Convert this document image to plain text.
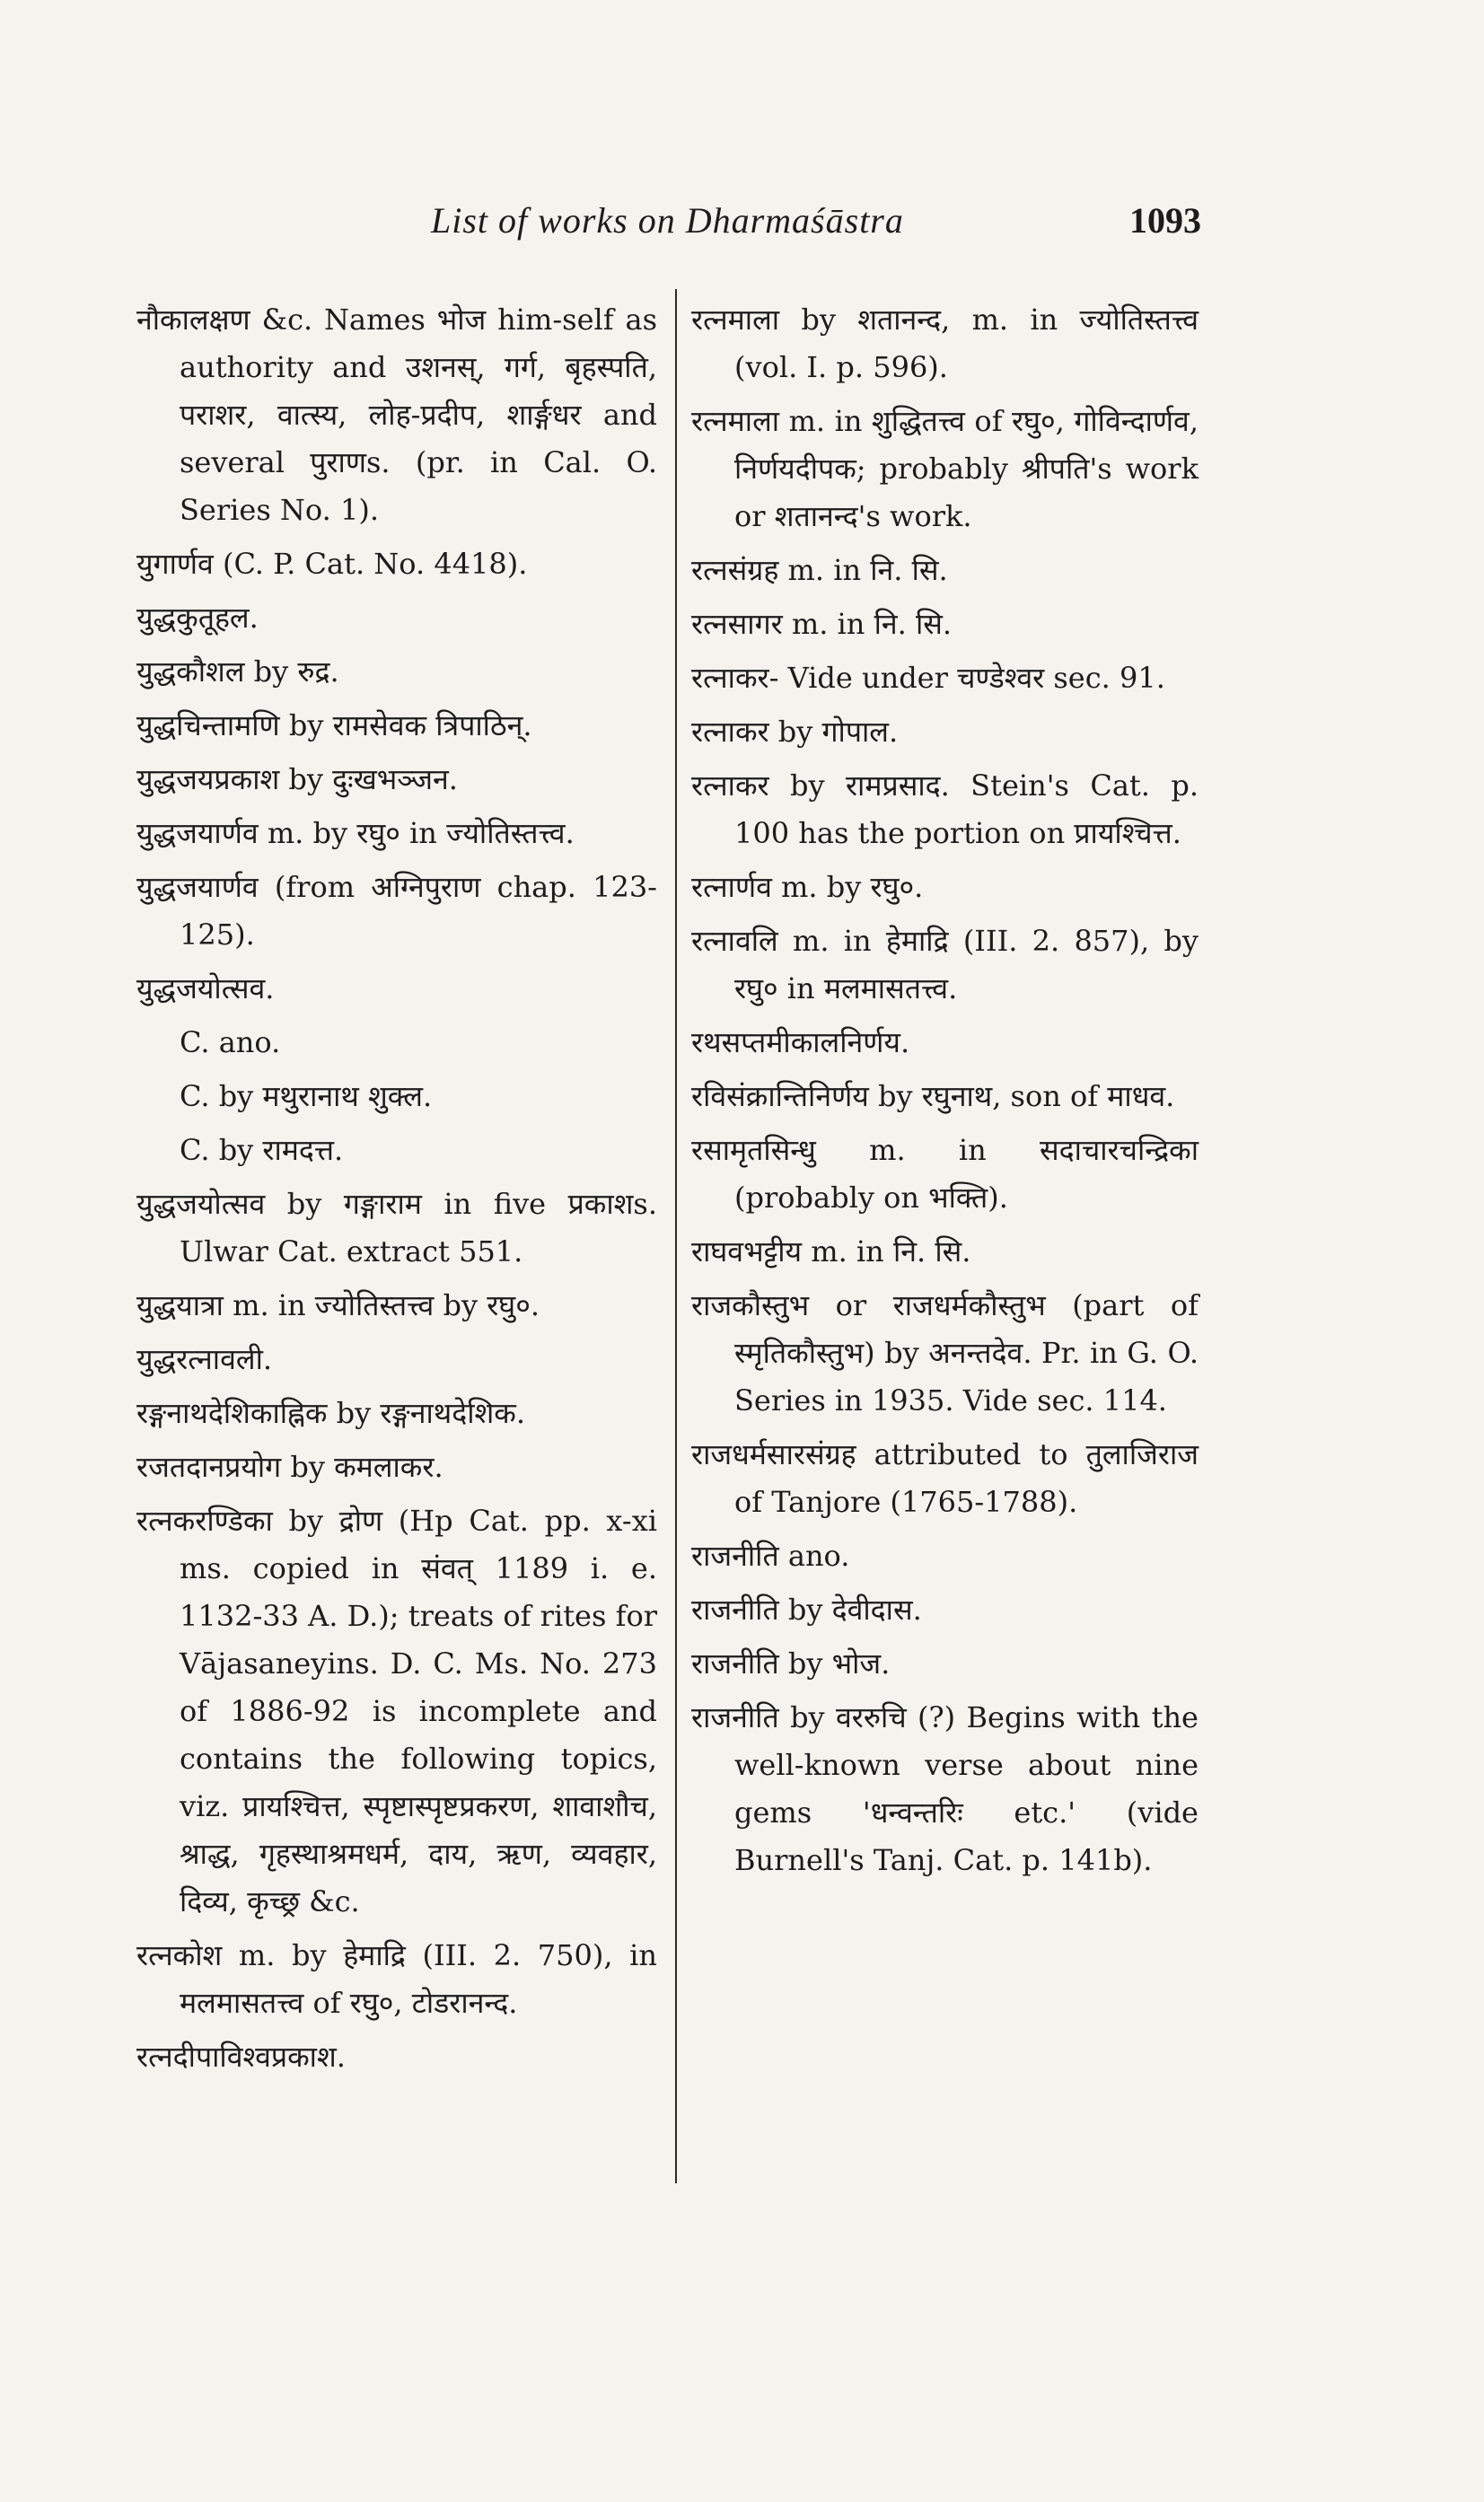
List of works on Dharmaśāstra	1093

नौकालक्षण &c. Names भोज him-self as authority and उशनस्, गर्ग, बृहस्पति, पराशर, वात्स्य, लोह-प्रदीप, शार्ङ्गधर and several पुराणs. (pr. in Cal. O. Series No. 1).

युगार्णव (C. P. Cat. No. 4418).

युद्धकुतूहल.

युद्धकौशल by रुद्र.

युद्धचिन्तामणि by रामसेवक त्रिपाठिन्.

युद्धजयप्रकाश by दुःखभञ्जन.

युद्धजयार्णव m. by रघु० in ज्योतिस्तत्त्व.

युद्धजयार्णव (from अग्निपुराण chap. 123-125).

युद्धजयोत्सव.

C. ano.

C. by मथुरानाथ शुक्ल.

C. by रामदत्त.

युद्धजयोत्सव by गङ्गाराम in five प्रकाशs. Ulwar Cat. extract 551.

युद्धयात्रा m. in ज्योतिस्तत्त्व by रघु०.

युद्धरत्नावली.

रङ्गनाथदेशिकाह्निक by रङ्गनाथदेशिक.

रजतदानप्रयोग by कमलाकर.

रत्नकरण्डिका by द्रोण (Hp Cat. pp. x-xi ms. copied in संवत् 1189 i. e. 1132-33 A. D.); treats of rites for Vājasaneyins. D. C. Ms. No. 273 of 1886-92 is incomplete and contains the following topics, viz. प्रायश्चित्त, स्पृष्टास्पृष्टप्रकरण, शावाशौच, श्राद्ध, गृहस्थाश्रमधर्म, दाय, ऋण, व्यवहार, दिव्य, कृच्छ्र &c.

रत्नकोश m. by हेमाद्रि (III. 2. 750), in मलमासतत्त्व of रघु०, टोडरानन्द.

रत्नदीपाविश्वप्रकाश.

रत्नमाला by शतानन्द, m. in ज्योतिस्तत्त्व (vol. I. p. 596).

रत्नमाला m. in शुद्धितत्त्व of रघु०, गोविन्दार्णव, निर्णयदीपक; probably श्रीपति's work or शतानन्द's work.

रत्नसंग्रह m. in नि. सि.

रत्नसागर m. in नि. सि.

रत्नाकर- Vide under चण्डेश्वर sec. 91.

रत्नाकर by गोपाल.

रत्नाकर by रामप्रसाद. Stein's Cat. p. 100 has the portion on प्रायश्चित्त.

रत्नार्णव m. by रघु०.

रत्नावलि m. in हेमाद्रि (III. 2. 857), by रघु० in मलमासतत्त्व.

रथसप्तमीकालनिर्णय.

रविसंक्रान्तिनिर्णय by रघुनाथ, son of माधव.

रसामृतसिन्धु m. in सदाचारचन्द्रिका (probably on भक्ति).

राघवभट्टीय m. in नि. सि.

राजकौस्तुभ or राजधर्मकौस्तुभ (part of स्मृतिकौस्तुभ) by अनन्तदेव. Pr. in G. O. Series in 1935. Vide sec. 114.

राजधर्मसारसंग्रह attributed to तुलाजिराज of Tanjore (1765-1788).

राजनीति ano.

राजनीति by देवीदास.

राजनीति by भोज.

राजनीति by वररुचि (?) Begins with the well-known verse about nine gems 'धन्वन्तरिः etc.' (vide Burnell's Tanj. Cat. p. 141b).
